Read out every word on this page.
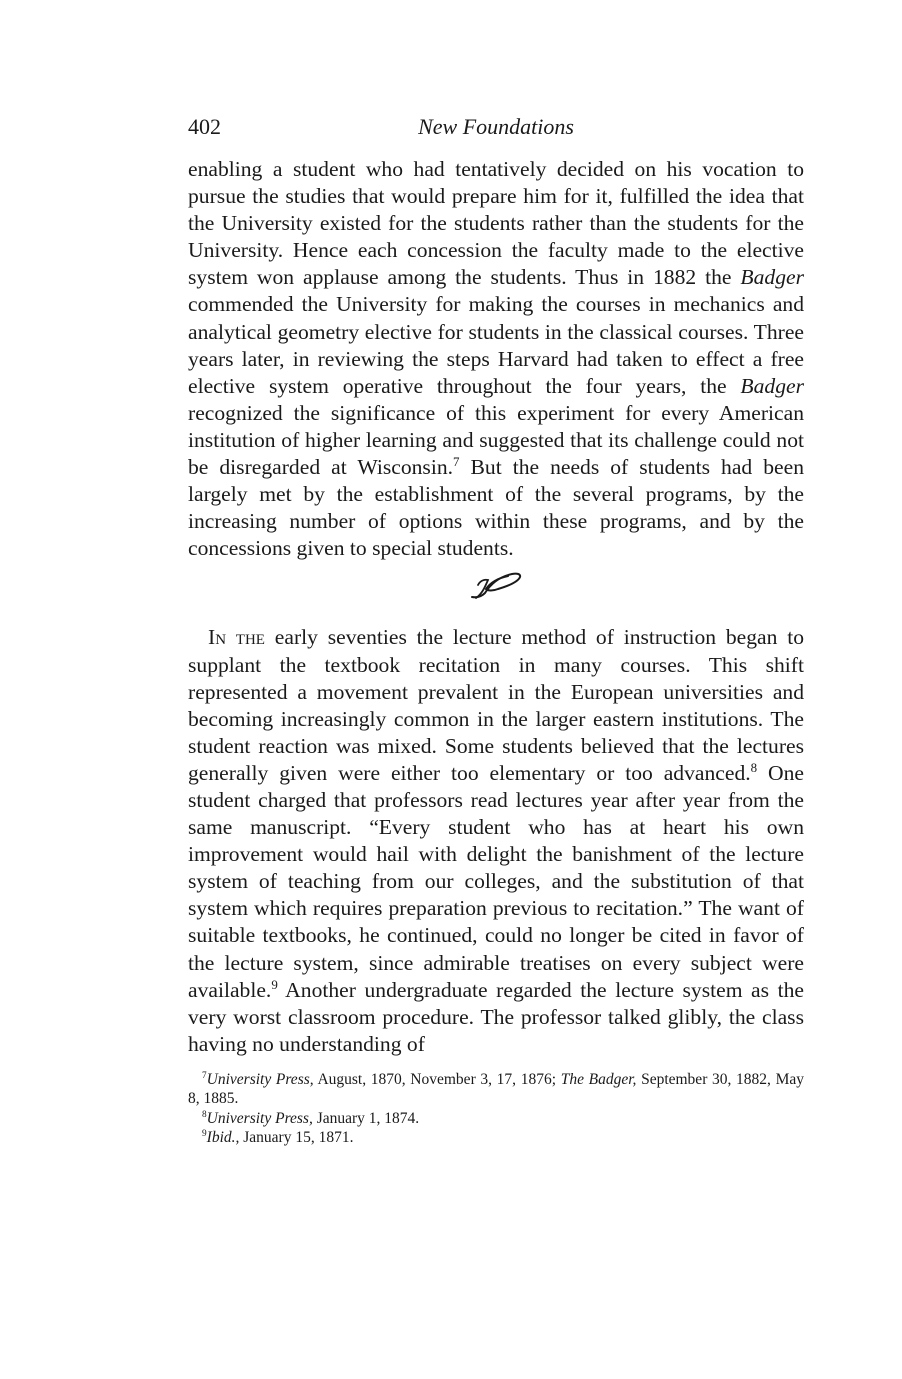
402	New Foundations

enabling a student who had tentatively decided on his vocation to pursue the studies that would prepare him for it, fulfilled the idea that the University existed for the students rather than the students for the University. Hence each concession the faculty made to the elective system won applause among the students. Thus in 1882 the Badger commended the University for making the courses in mechanics and analytical geometry elective for students in the classical courses. Three years later, in reviewing the steps Harvard had taken to effect a free elective system operative throughout the four years, the Badger recognized the significance of this experiment for every American institution of higher learning and suggested that its challenge could not be disregarded at Wisconsin.$^7$ But the needs of students had been largely met by the establishment of the several programs, by the increasing number of options within these programs, and by the concessions given to special students.

In the early seventies the lecture method of instruction began to supplant the textbook recitation in many courses. This shift represented a movement prevalent in the European universities and becoming increasingly common in the larger eastern institutions. The student reaction was mixed. Some students believed that the lectures generally given were either too elementary or too advanced.$^8$ One student charged that professors read lectures year after year from the same manuscript. “Every student who has at heart his own improvement would hail with delight the banishment of the lecture system of teaching from our colleges, and the substitution of that system which requires preparation previous to recitation.” The want of suitable textbooks, he continued, could no longer be cited in favor of the lecture system, since admirable treatises on every subject were available.$^9$ Another undergraduate regarded the lecture system as the very worst classroom procedure. The professor talked glibly, the class having no understanding of

$^7$University Press, August, 1870, November 3, 17, 1876; The Badger, September 30, 1882, May 8, 1885.

$^8$University Press, January 1, 1874.

$^9$Ibid., January 15, 1871.
